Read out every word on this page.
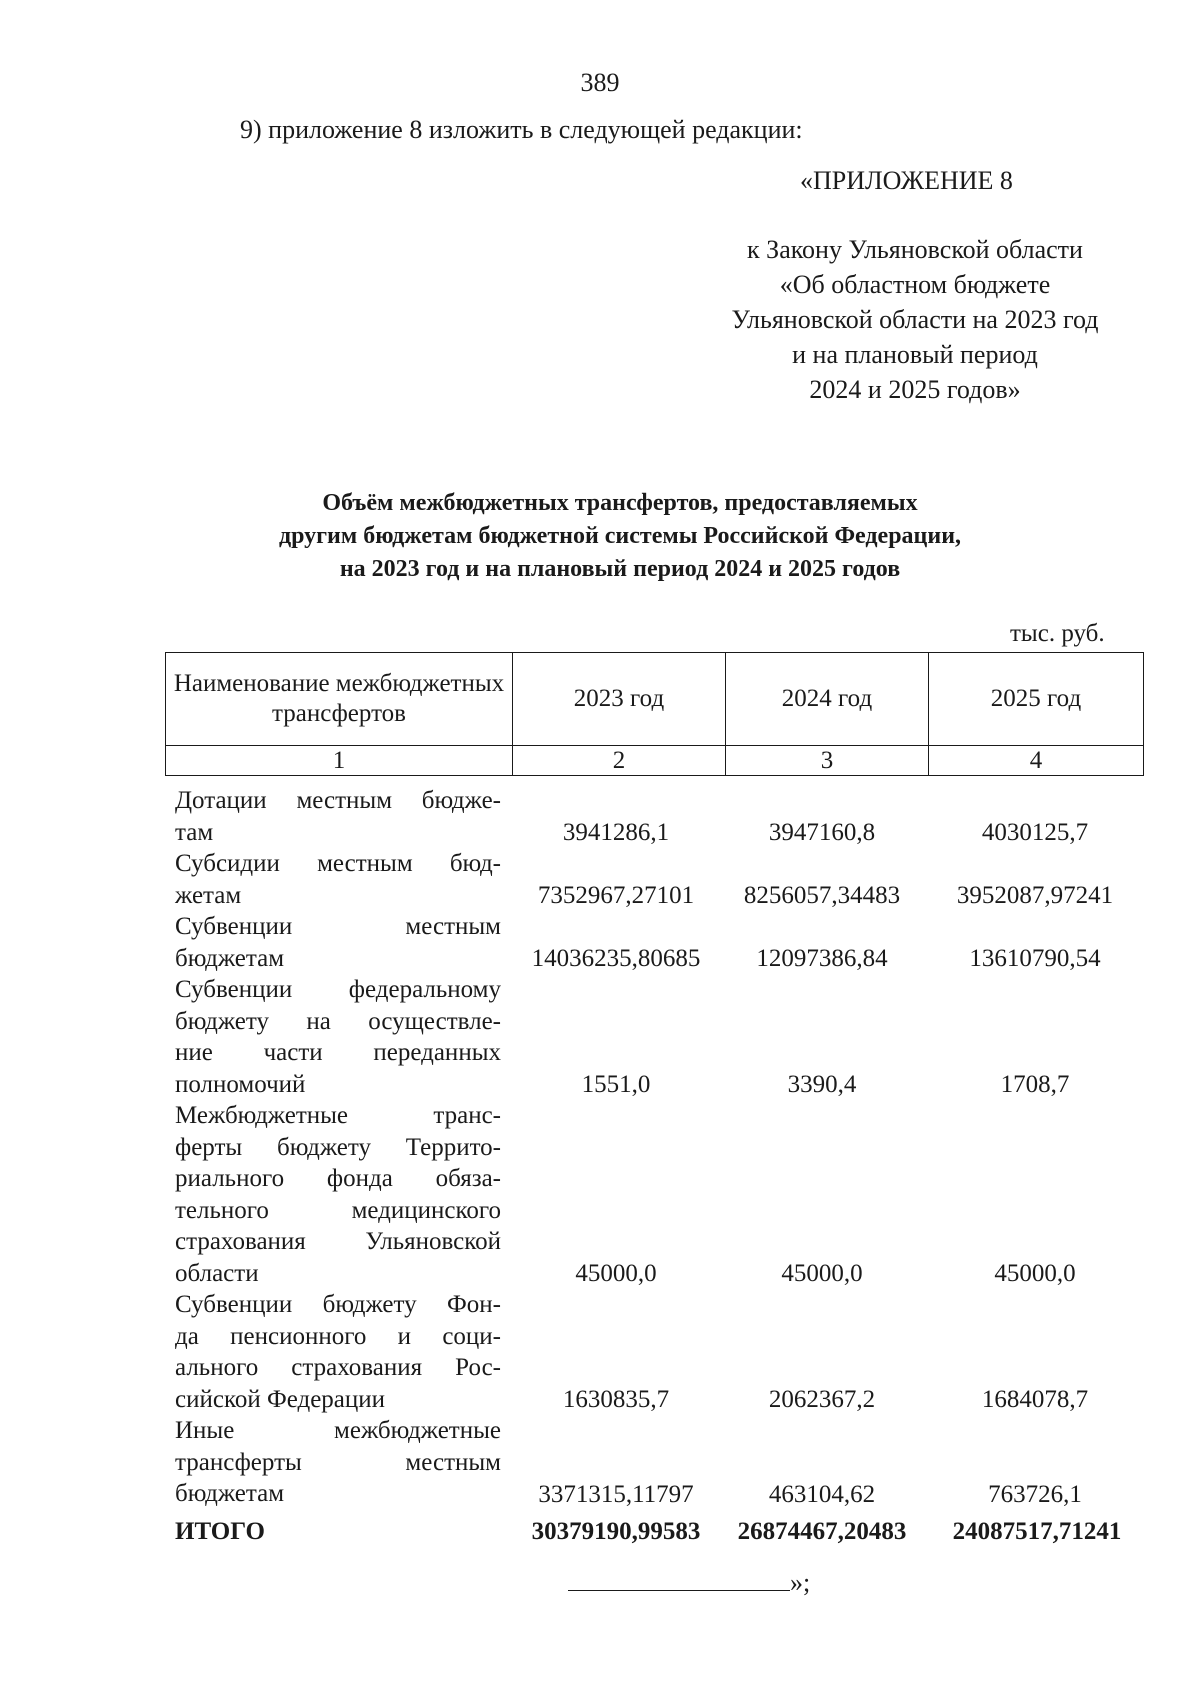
389
9) приложение 8 изложить в следующей редакции:
«ПРИЛОЖЕНИЕ 8
к Закону Ульяновской области
«Об областном бюджете
Ульяновской области на 2023 год
и на плановый период
2024 и 2025 годов»
Объём межбюджетных трансфертов, предоставляемых
другим бюджетам бюджетной системы Российской Федерации,
на 2023 год и на плановый период 2024 и 2025 годов
тыс. руб.
Наименование межбюджетных трансфертов	2023 год	2024 год	2025 год
1	2	3	4
Дотации местным бюдже-
там	3941286,1	3947160,8	4030125,7
Субсидии местным бюд-
жетам	7352967,27101	8256057,34483	3952087,97241
Субвенции местным
бюджетам	14036235,80685	12097386,84	13610790,54
Субвенции федеральному
бюджету на осуществле-
ние части переданных
полномочий	1551,0	3390,4	1708,7
Межбюджетные транс-
ферты бюджету Террито-
риального фонда обяза-
тельного медицинского
страхования Ульяновской
области	45000,0	45000,0	45000,0
Субвенции бюджету Фон-
да пенсионного и соци-
ального страхования Рос-
сийской Федерации	1630835,7	2062367,2	1684078,7
Иные межбюджетные
трансферты местным
бюджетам	3371315,11797	463104,62	763726,1
ИТОГО	30379190,99583	26874467,20483	24087517,71241
»;
